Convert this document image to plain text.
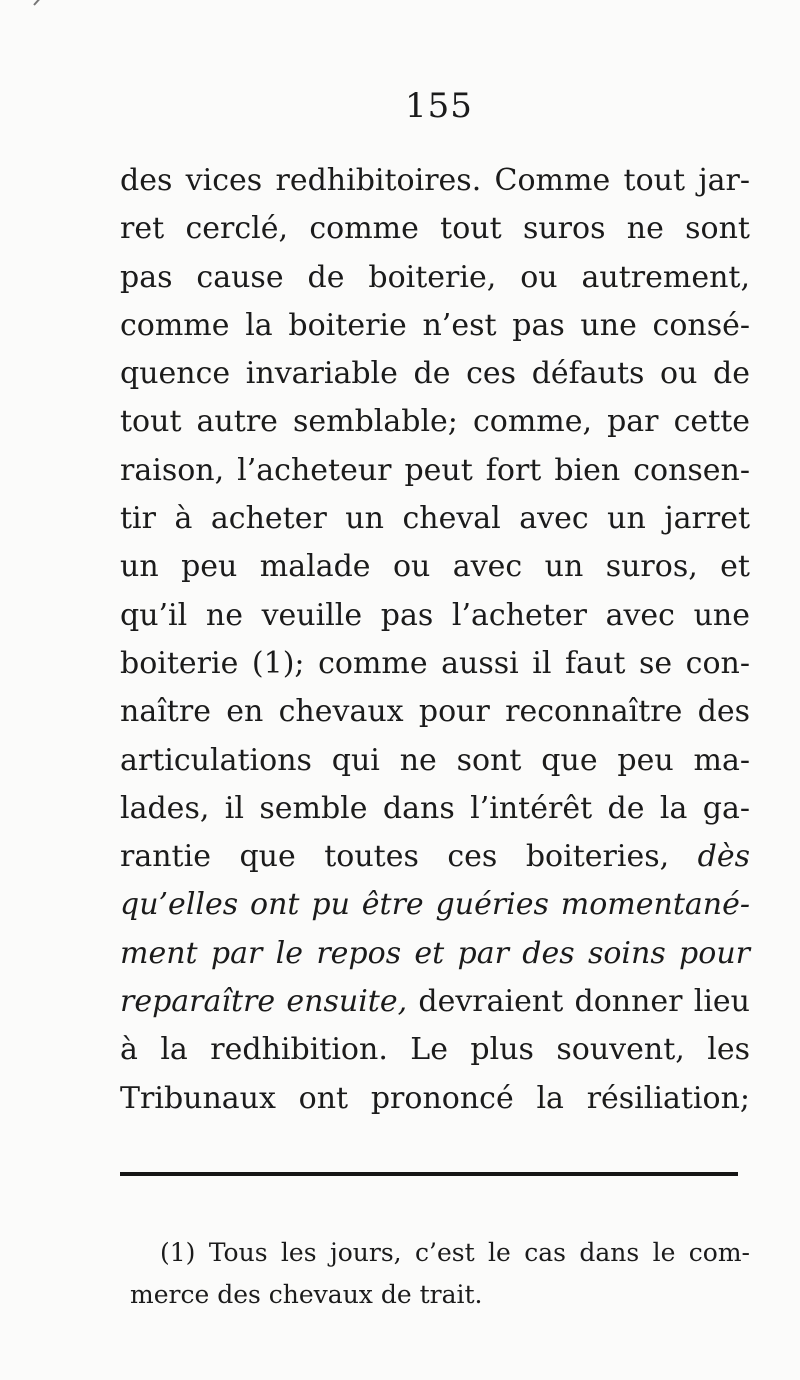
155
des vices redhibitoires. Comme tout jar-
ret cerclé, comme tout suros ne sont
pas cause de boiterie, ou autrement,
comme la boiterie n’est pas une consé-
quence invariable de ces défauts ou de
tout autre semblable; comme, par cette
raison, l’acheteur peut fort bien consen-
tir à acheter un cheval avec un jarret
un peu malade ou avec un suros, et
qu’il ne veuille pas l’acheter avec une
boiterie (1); comme aussi il faut se con-
naître en chevaux pour reconnaître des
articulations qui ne sont que peu ma-
lades, il semble dans l’intérêt de la ga-
rantie que toutes ces boiteries, dès
qu’elles ont pu être guéries momentané-
ment par le repos et par des soins pour
reparaître ensuite, devraient donner lieu
à la redhibition. Le plus souvent, les
Tribunaux ont prononcé la résiliation;
(1) Tous les jours, c’est le cas dans le com-
merce des chevaux de trait.
